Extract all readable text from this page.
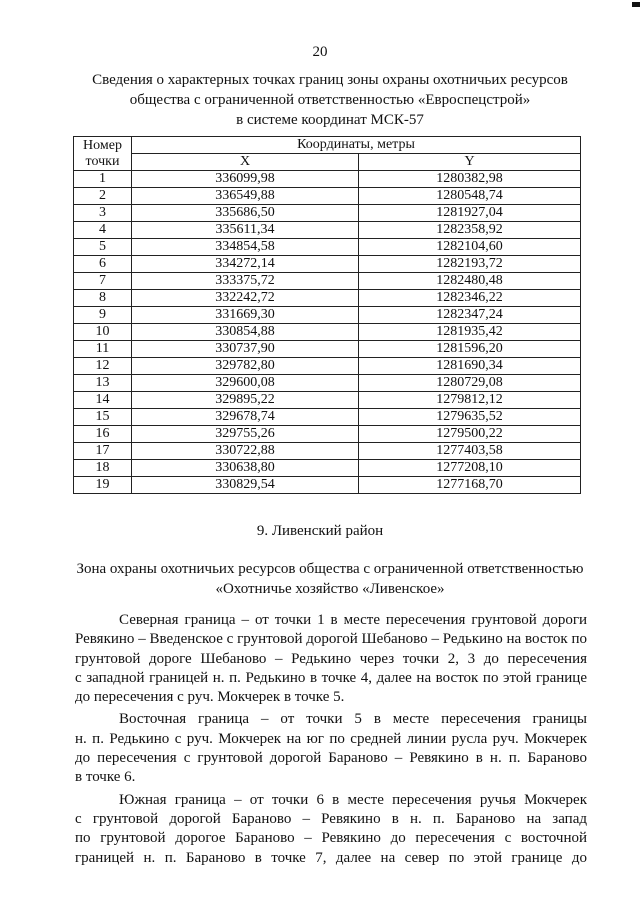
20
Сведения о характерных точках границ зоны охраны охотничьих ресурсов
общества с ограниченной ответственностью «Евроспецстрой»
в системе координат МСК-57
Номер
точки	Координаты, метры	
	X	Y
1	336099,98	1280382,98
2	336549,88	1280548,74
3	335686,50	1281927,04
4	335611,34	1282358,92
5	334854,58	1282104,60
6	334272,14	1282193,72
7	333375,72	1282480,48
8	332242,72	1282346,22
9	331669,30	1282347,24
10	330854,88	1281935,42
11	330737,90	1281596,20
12	329782,80	1281690,34
13	329600,08	1280729,08
14	329895,22	1279812,12
15	329678,74	1279635,52
16	329755,26	1279500,22
17	330722,88	1277403,58
18	330638,80	1277208,10
19	330829,54	1277168,70
9. Ливенский район
Зона охраны охотничьих ресурсов общества с ограниченной ответственностью
«Охотничье хозяйство «Ливенское»
Северная граница – от точки 1 в месте пересечения грунтовой дороги
Ревякино – Введенское с грунтовой дорогой Шебаново – Редькино на восток по
грунтовой дороге Шебаново – Редькино через точки 2, 3 до пересечения
с западной границей н. п. Редькино в точке 4, далее на восток по этой границе
до пересечения с руч. Мокчерек в точке 5.
Восточная граница – от точки 5 в месте пересечения границы
н. п. Редькино с руч. Мокчерек на юг по средней линии русла руч. Мокчерек
до пересечения с грунтовой дорогой Бараново – Ревякино в н. п. Бараново
в точке 6.
Южная граница – от точки 6 в месте пересечения ручья Мокчерек
с грунтовой дорогой Бараново – Ревякино в н. п. Бараново на запад
по грунтовой дорогое Бараново – Ревякино до пересечения с восточной
границей н. п. Бараново в точке 7, далее на север по этой границе до
